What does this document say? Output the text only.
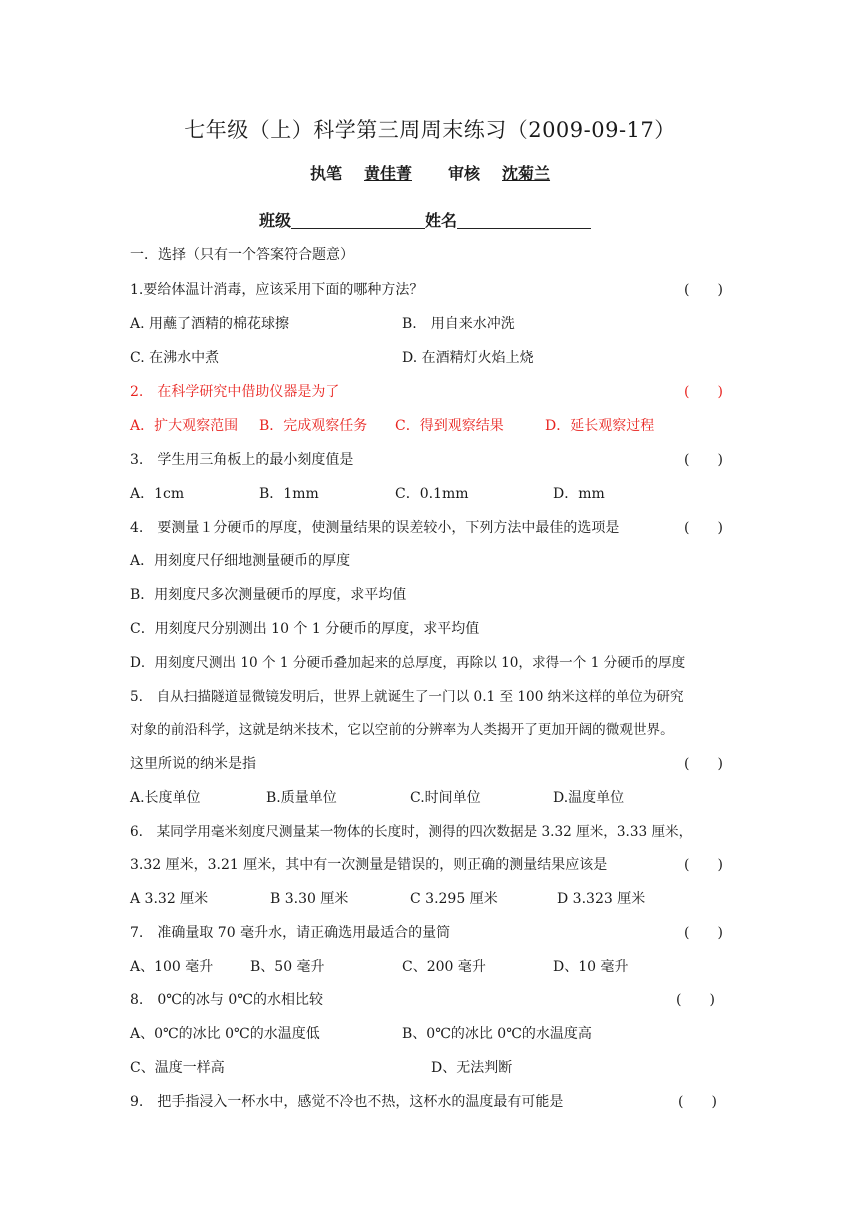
七年级（上）科学第三周周末练习（2009-09-17）
执笔 黄佳菁 审核 沈菊兰
班级	姓名
一．选择（只有一个答案符合题意）
1.要给体温计消毒，应该采用下面的哪种方法？	(　　)
A. 用蘸了酒精的棉花球擦	B.　用自来水冲洗
C. 在沸水中煮	D. 在酒精灯火焰上烧
2.　在科学研究中借助仪器是为了	(　　)
A．扩大观察范围 B．完成观察任务 C．得到观察结果	D．延长观察过程
3.　学生用三角板上的最小刻度值是	(　　)
A．1cm	B．1mm	C．0.1mm	D．mm
4.　要测量１分硬币的厚度，使测量结果的误差较小，下列方法中最佳的选项是	(　　)
A．用刻度尺仔细地测量硬币的厚度
B．用刻度尺多次测量硬币的厚度，求平均值
C．用刻度尺分别测出 10 个 1 分硬币的厚度，求平均值
D．用刻度尺测出 10 个 1 分硬币叠加起来的总厚度，再除以 10，求得一个 1 分硬币的厚度
5.　自从扫描隧道显微镜发明后，世界上就诞生了一门以 0.1 至 100 纳米这样的单位为研究
对象的前沿科学，这就是纳米技术，它以空前的分辨率为人类揭开了更加开阔的微观世界。
这里所说的纳米是指	(　　)
A.长度单位	B.质量单位	C.时间单位	D.温度单位
6.　某同学用毫米刻度尺测量某一物体的长度时，测得的四次数据是 3.32 厘米，3.33 厘米，
3.32 厘米，3.21 厘米，其中有一次测量是错误的，则正确的测量结果应该是	(　　)
A 3.32 厘米	B 3.30 厘米	C 3.295 厘米	D 3.323 厘米
7.　准确量取 70 毫升水，请正确选用最适合的量筒	(　　)
A、100 毫升	B、50 毫升	C、200 毫升	D、10 毫升
8.　0℃的冰与 0℃的水相比较	(　　)
A、0℃的冰比 0℃的水温度低	B、0℃的冰比 0℃的水温度高
C、温度一样高	D、无法判断
9.　把手指浸入一杯水中，感觉不冷也不热，这杯水的温度最有可能是	(　　)
